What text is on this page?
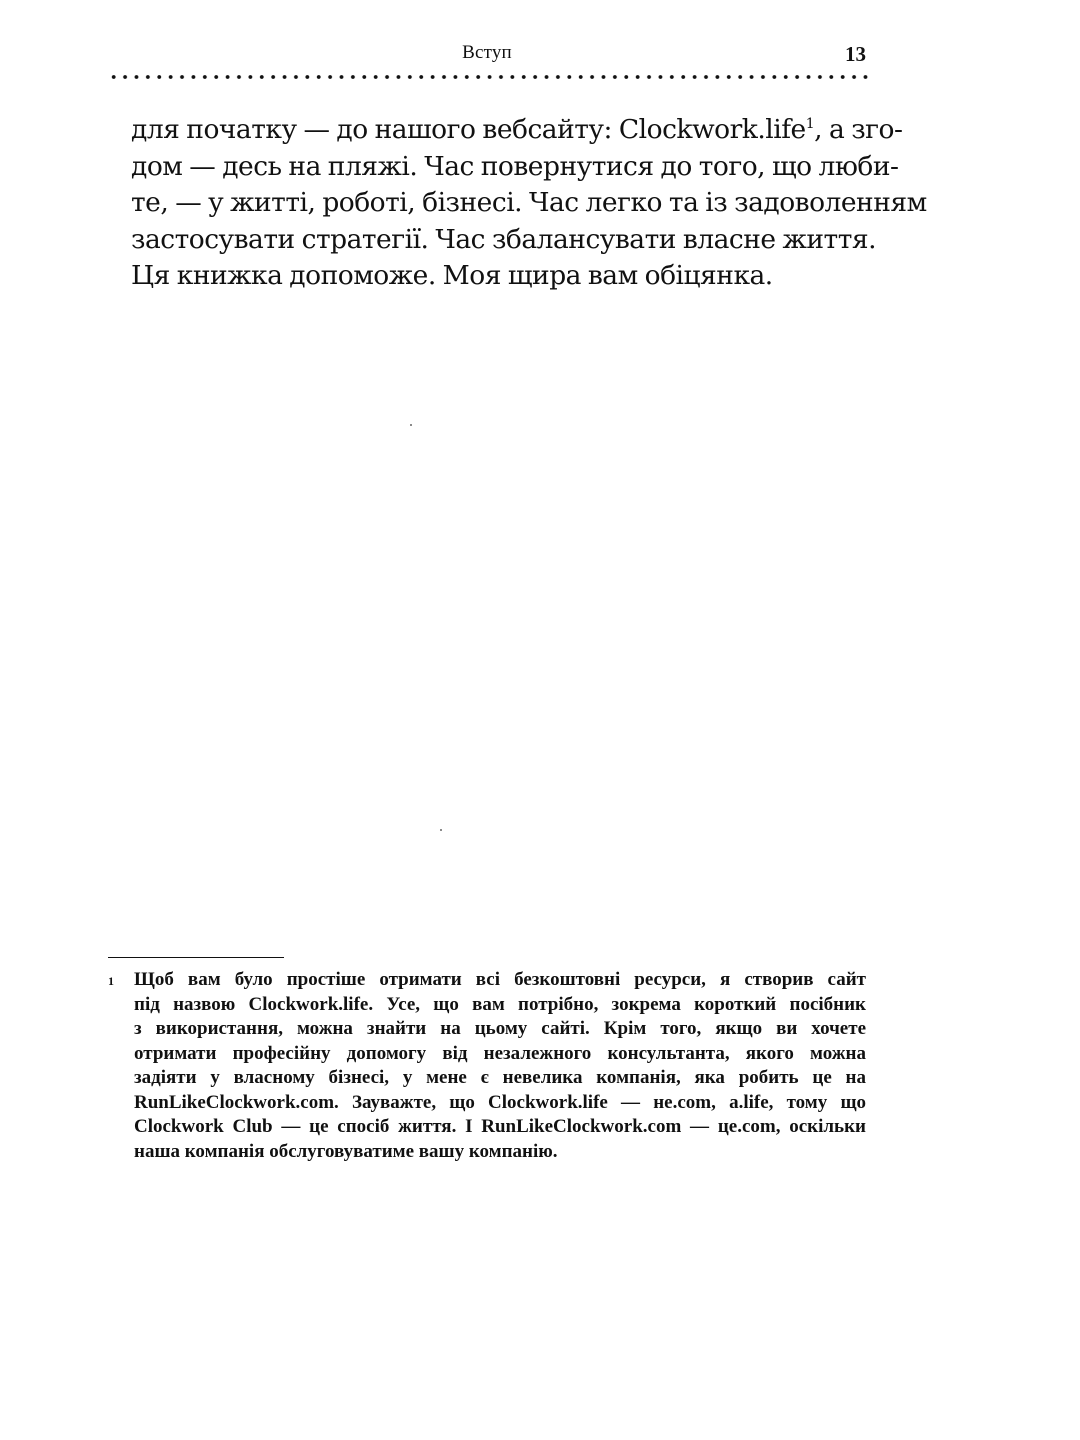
Вступ	13

для початку — до нашого вебсайту: Clockwork.life$^1$, а зго-
дом — десь на пляжі. Час повернутися до того, що люби-
те, — у житті, роботі, бізнесі. Час легко та із задоволенням
застосувати стратегії. Час збалансувати власне життя.
Ця книжка допоможе. Моя щира вам обіцянка.

1 Щоб вам було простіше отримати всі безкоштовні ресурси, я створив сайт
під назвою Clockwork.life. Усе, що вам потрібно, зокрема короткий посібник
з використання, можна знайти на цьому сайті. Крім того, якщо ви хочете
отримати професійну допомогу від незалежного консультанта, якого можна
задіяти у власному бізнесі, у мене є невелика компанія, яка робить це на
RunLikeClockwork.com. Зауважте, що Clockwork.life — не.com, а.life, тому що
Clockwork Club — це спосіб життя. І RunLikeClockwork.com — це.com, оскільки
наша компанія обслуговуватиме вашу компанію.
